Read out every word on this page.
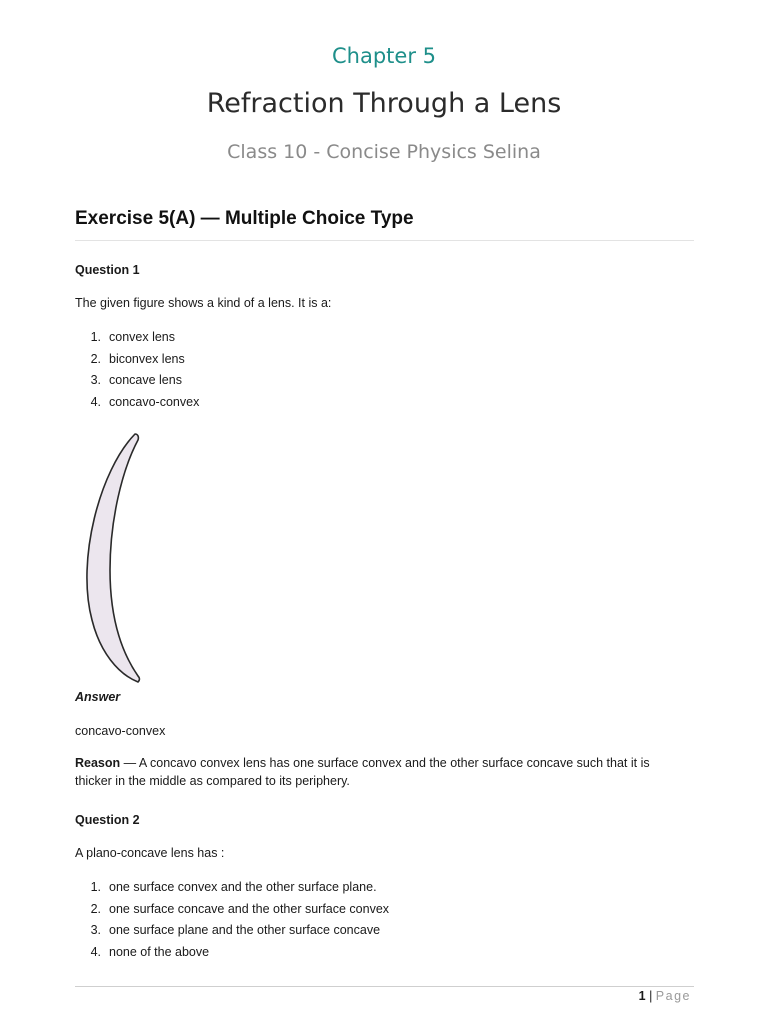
Chapter 5
Refraction Through a Lens
Class 10 - Concise Physics Selina
Exercise 5(A) — Multiple Choice Type
Question 1
The given figure shows a kind of a lens. It is a:
1. convex lens
2. biconvex lens
3. concave lens
4. concavo-convex
Answer
concavo-convex
Reason — A concavo convex lens has one surface convex and the other surface concave such that it is thicker in the middle as compared to its periphery.
Question 2
A plano-concave lens has :
1. one surface convex and the other surface plane.
2. one surface concave and the other surface convex
3. one surface plane and the other surface concave
4. none of the above
1 | Page
